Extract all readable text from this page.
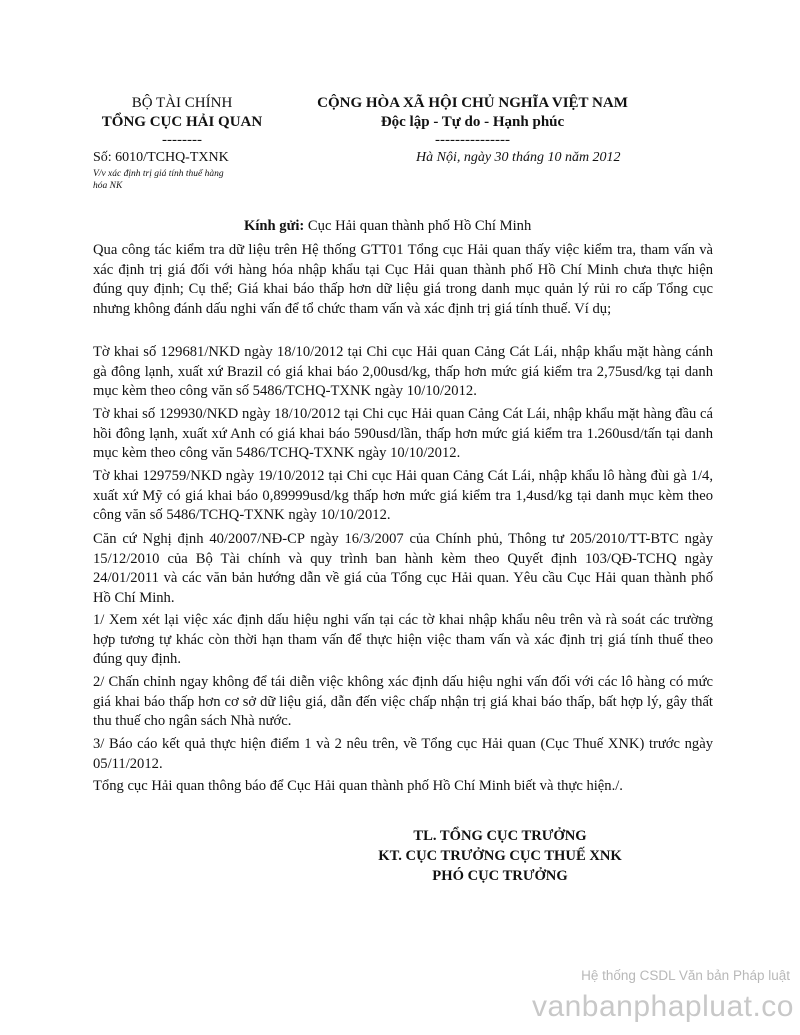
BỘ TÀI CHÍNH
TỔNG CỤC HẢI QUAN
--------
Số: 6010/TCHQ-TXNK
V/v xác định trị giá tính thuế hàng hóa NK
CỘNG HÒA XÃ HỘI CHỦ NGHĨA VIỆT NAM
Độc lập - Tự do - Hạnh phúc
---------------
Hà Nội, ngày 30 tháng 10 năm 2012
Kính gửi: Cục Hải quan thành phố Hồ Chí Minh
Qua công tác kiểm tra dữ liệu trên Hệ thống GTT01 Tổng cục Hải quan thấy việc kiểm tra, tham vấn và xác định trị giá đối với hàng hóa nhập khẩu tại Cục Hải quan thành phố Hồ Chí Minh chưa thực hiện đúng quy định; Cụ thể; Giá khai báo thấp hơn dữ liệu giá trong danh mục quản lý rủi ro cấp Tổng cục nhưng không đánh dấu nghi vấn để tổ chức tham vấn và xác định trị giá tính thuế. Ví dụ;
Tờ khai số 129681/NKD ngày 18/10/2012 tại Chi cục Hải quan Cảng Cát Lái, nhập khẩu mặt hàng cánh gà đông lạnh, xuất xứ Brazil có giá khai báo 2,00usd/kg, thấp hơn mức giá kiểm tra 2,75usd/kg tại danh mục kèm theo công văn số 5486/TCHQ-TXNK ngày 10/10/2012.
Tờ khai số 129930/NKD ngày 18/10/2012 tại Chi cục Hải quan Cảng Cát Lái, nhập khẩu mặt hàng đầu cá hồi đông lạnh, xuất xứ Anh có giá khai báo 590usd/lần, thấp hơn mức giá kiểm tra 1.260usd/tấn tại danh mục kèm theo công văn 5486/TCHQ-TXNK ngày 10/10/2012.
Tờ khai 129759/NKD ngày 19/10/2012 tại Chi cục Hải quan Cảng Cát Lái, nhập khẩu lô hàng đùi gà 1/4, xuất xứ Mỹ có giá khai báo 0,89999usd/kg thấp hơn mức giá kiểm tra 1,4usd/kg tại danh mục kèm theo công văn số 5486/TCHQ-TXNK ngày 10/10/2012.
Căn cứ Nghị định 40/2007/NĐ-CP ngày 16/3/2007 của Chính phủ, Thông tư 205/2010/TT-BTC ngày 15/12/2010 của Bộ Tài chính và quy trình ban hành kèm theo Quyết định 103/QĐ-TCHQ ngày 24/01/2011 và các văn bản hướng dẫn về giá của Tổng cục Hải quan. Yêu cầu Cục Hải quan thành phố Hồ Chí Minh.
1/ Xem xét lại việc xác định dấu hiệu nghi vấn tại các tờ khai nhập khẩu nêu trên và rà soát các trường hợp tương tự khác còn thời hạn tham vấn để thực hiện việc tham vấn và xác định trị giá tính thuế theo đúng quy định.
2/ Chấn chỉnh ngay không để tái diễn việc không xác định dấu hiệu nghi vấn đối với các lô hàng có mức giá khai báo thấp hơn cơ sở dữ liệu giá, dẫn đến việc chấp nhận trị giá khai báo thấp, bất hợp lý, gây thất thu thuế cho ngân sách Nhà nước.
3/ Báo cáo kết quả thực hiện điểm 1 và 2 nêu trên, về Tổng cục Hải quan (Cục Thuế XNK) trước ngày 05/11/2012.
Tổng cục Hải quan thông báo để Cục Hải quan thành phố Hồ Chí Minh biết và thực hiện./.
TL. TỔNG CỤC TRƯỞNG
KT. CỤC TRƯỞNG CỤC THUẾ XNK
PHÓ CỤC TRƯỞNG
Hệ thống CSDL Văn bản Pháp luật
vanbanphapluat.co
